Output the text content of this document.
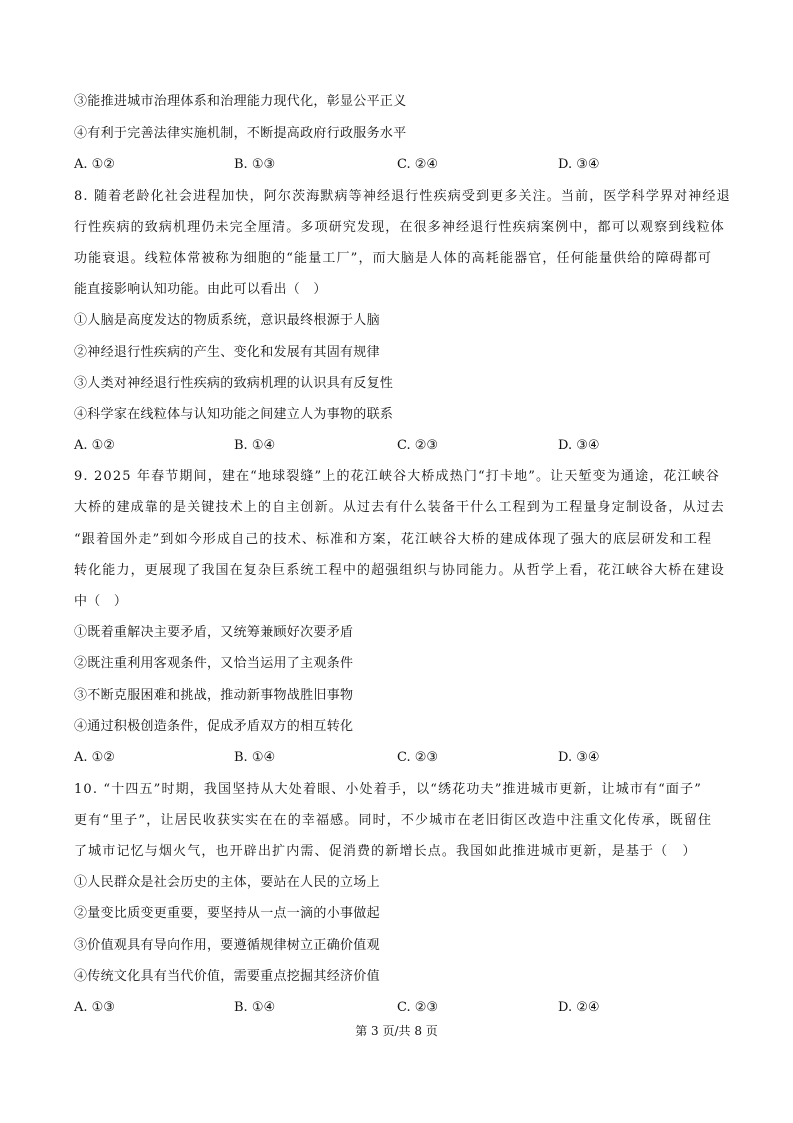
③能推进城市治理体系和治理能力现代化，彰显公平正义
④有利于完善法律实施机制，不断提高政府行政服务水平
A. ①②	B. ①③	C. ②④	D. ③④
8. 随着老龄化社会进程加快，阿尔茨海默病等神经退行性疾病受到更多关注。当前，医学科学界对神经退
行性疾病的致病机理仍未完全厘清。多项研究发现，在很多神经退行性疾病案例中，都可以观察到线粒体
功能衰退。线粒体常被称为细胞的“能量工厂”，而大脑是人体的高耗能器官，任何能量供给的障碍都可
能直接影响认知功能。由此可以看出（　）
①人脑是高度发达的物质系统，意识最终根源于人脑
②神经退行性疾病的产生、变化和发展有其固有规律
③人类对神经退行性疾病的致病机理的认识具有反复性
④科学家在线粒体与认知功能之间建立人为事物的联系
A. ①②	B. ①④	C. ②③	D. ③④
9. 2025 年春节期间，建在“地球裂缝”上的花江峡谷大桥成热门“打卡地”。让天堑变为通途，花江峡谷
大桥的建成靠的是关键技术上的自主创新。从过去有什么装备干什么工程到为工程量身定制设备，从过去
“跟着国外走”到如今形成自己的技术、标准和方案，花江峡谷大桥的建成体现了强大的底层研发和工程
转化能力，更展现了我国在复杂巨系统工程中的超强组织与协同能力。从哲学上看，花江峡谷大桥在建设
中（　）
①既着重解决主要矛盾，又统筹兼顾好次要矛盾
②既注重利用客观条件，又恰当运用了主观条件
③不断克服困难和挑战，推动新事物战胜旧事物
④通过积极创造条件，促成矛盾双方的相互转化
A. ①②	B. ①④	C. ②③	D. ③④
10. “十四五”时期，我国坚持从大处着眼、小处着手，以“绣花功夫”推进城市更新，让城市有“面子”
更有“里子”，让居民收获实实在在的幸福感。同时，不少城市在老旧街区改造中注重文化传承，既留住
了城市记忆与烟火气，也开辟出扩内需、促消费的新增长点。我国如此推进城市更新，是基于（　）
①人民群众是社会历史的主体，要站在人民的立场上
②量变比质变更重要，要坚持从一点一滴的小事做起
③价值观具有导向作用，要遵循规律树立正确价值观
④传统文化具有当代价值，需要重点挖掘其经济价值
A. ①③	B. ①④	C. ②③	D. ②④
第 3 页/共 8 页
